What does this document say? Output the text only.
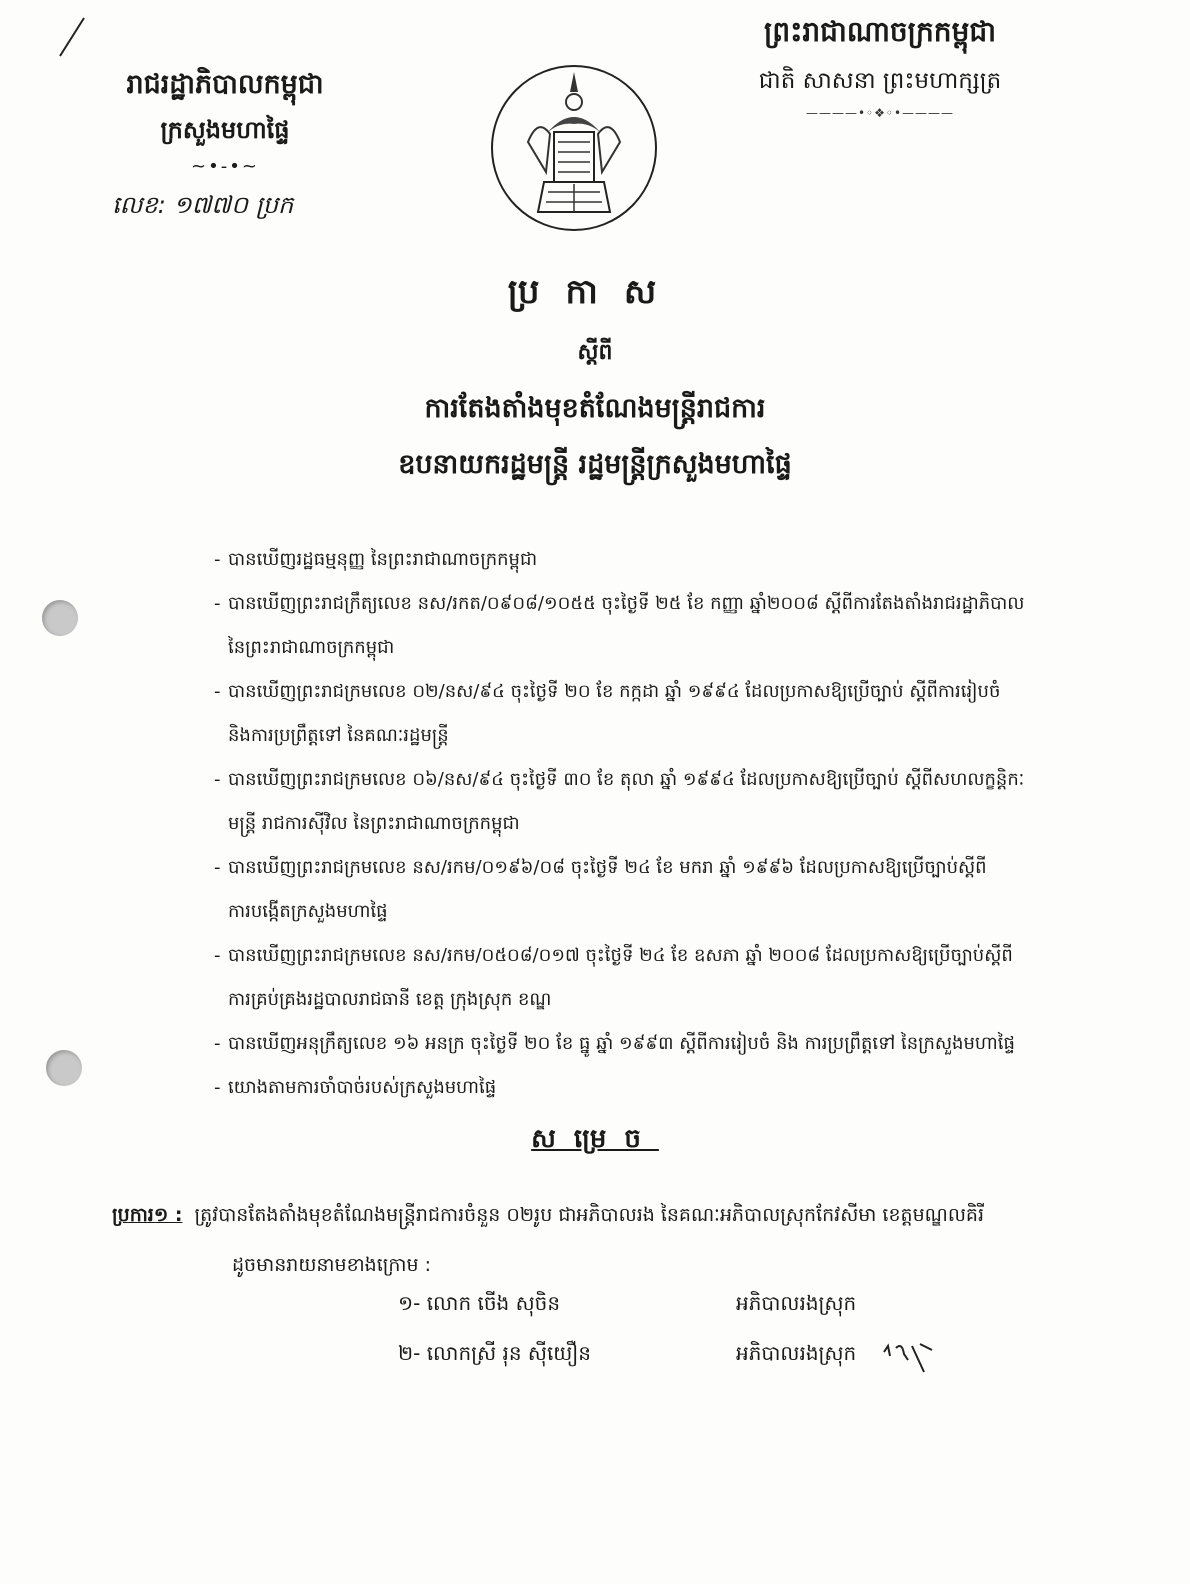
រាជរដ្ឋាភិបាលកម្ពុជា
ក្រសួងមហាផ្ទៃ
~•-•~
លេខ: ១៧៧០ ប្រក
ព្រះរាជាណាចក្រកម្ពុជា
ជាតិ សាសនា ព្រះមហាក្សត្រ
————•◦❖◦•————
ប្រកាស
ស្តីពី
ការតែងតាំងមុខតំណែងមន្ត្រីរាជការ
ឧបនាយករដ្ឋមន្ត្រី រដ្ឋមន្ត្រីក្រសួងមហាផ្ទៃ
- បានឃើញរដ្ឋធម្មនុញ្ញ នៃព្រះរាជាណាចក្រកម្ពុជា
- បានឃើញព្រះរាជក្រឹត្យលេខ នស/រកត/០៩០៨/១០៥៥ ចុះថ្ងៃទី ២៥ ខែ កញ្ញា ឆ្នាំ២០០៨ ស្តីពីការតែងតាំងរាជរដ្ឋាភិបាល
នៃព្រះរាជាណាចក្រកម្ពុជា
- បានឃើញព្រះរាជក្រមលេខ ០២/នស/៩៤ ចុះថ្ងៃទី ២០ ខែ កក្កដា ឆ្នាំ ១៩៩៤ ដែលប្រកាសឱ្យប្រើច្បាប់ ស្តីពីការរៀបចំ
និងការប្រព្រឹត្តទៅ នៃគណៈរដ្ឋមន្ត្រី
- បានឃើញព្រះរាជក្រមលេខ ០៦/នស/៩៤ ចុះថ្ងៃទី ៣០ ខែ តុលា ឆ្នាំ ១៩៩៤ ដែលប្រកាសឱ្យប្រើច្បាប់ ស្តីពីសហលក្ខន្តិកៈ
មន្ត្រី រាជការស៊ីវិល នៃព្រះរាជាណាចក្រកម្ពុជា
- បានឃើញព្រះរាជក្រមលេខ នស/រកម/០១៩៦/០៨ ចុះថ្ងៃទី ២៤ ខែ មករា ឆ្នាំ ១៩៩៦ ដែលប្រកាសឱ្យប្រើច្បាប់ស្តីពី
ការបង្កើតក្រសួងមហាផ្ទៃ
- បានឃើញព្រះរាជក្រមលេខ នស/រកម/០៥០៨/០១៧ ចុះថ្ងៃទី ២៤ ខែ ឧសភា ឆ្នាំ ២០០៨ ដែលប្រកាសឱ្យប្រើច្បាប់ស្តីពី
ការគ្រប់គ្រងរដ្ឋបាលរាជធានី ខេត្ត ក្រុងស្រុក ខណ្ឌ
- បានឃើញអនុក្រឹត្យលេខ ១៦ អនក្រ ចុះថ្ងៃទី ២០ ខែ ធ្នូ ឆ្នាំ ១៩៩៣ ស្តីពីការរៀបចំ និង ការប្រព្រឹត្តទៅ នៃក្រសួងមហាផ្ទៃ
- យោងតាមការចាំបាច់របស់ក្រសួងមហាផ្ទៃ
សម្រេច
ប្រការ១ : ត្រូវបានតែងតាំងមុខតំណែងមន្ត្រីរាជការចំនួន ០២រូប ជាអភិបាលរង នៃគណៈអភិបាលស្រុកកែវសីមា ខេត្តមណ្ឌលគិរី
ដូចមានរាយនាមខាងក្រោម :
១- លោក ចេីង សុចិន	អភិបាលរងស្រុក
២- លោកស្រី រុន ស៊ីយឿន	អភិបាលរងស្រុក
